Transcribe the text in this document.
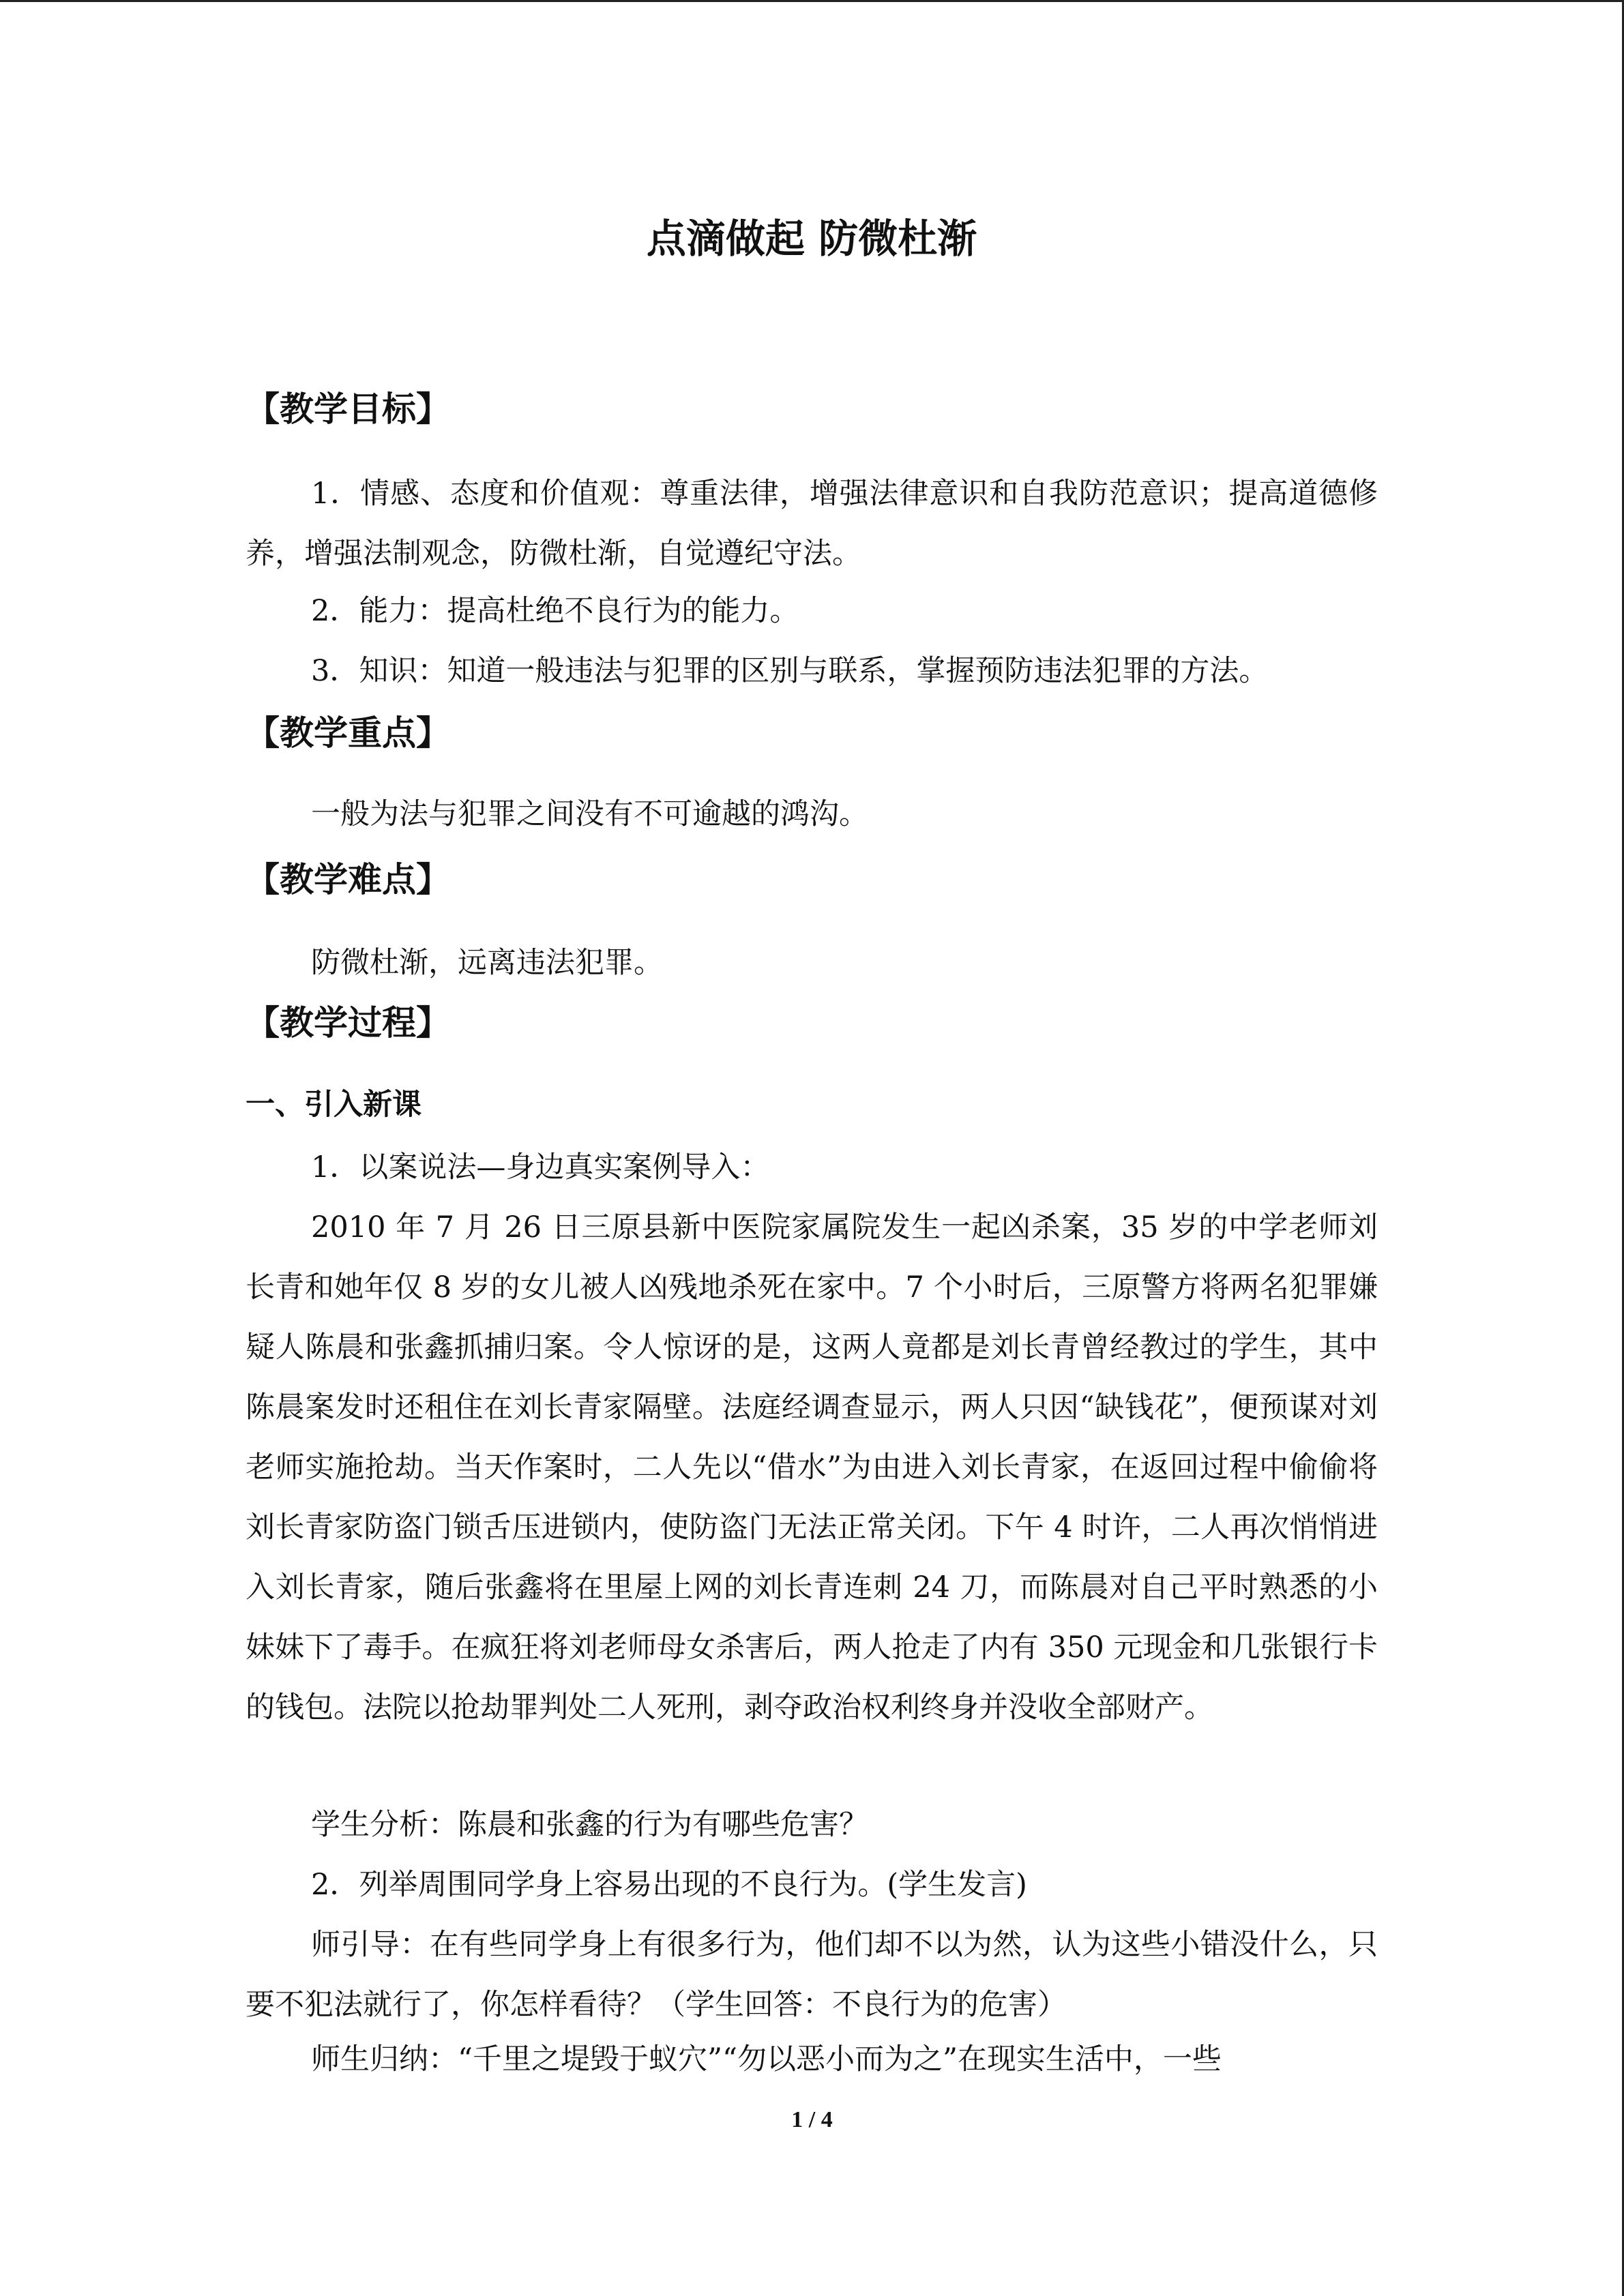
点滴做起 防微杜渐
【教学目标】

1．情感、态度和价值观：尊重法律，增强法律意识和自我防范意识；提高道德修养，增强法制观念，防微杜渐，自觉遵纪守法。

2．能力：提高杜绝不良行为的能力。

3．知识：知道一般违法与犯罪的区别与联系，掌握预防违法犯罪的方法。

【教学重点】

一般为法与犯罪之间没有不可逾越的鸿沟。

【教学难点】

防微杜渐，远离违法犯罪。

【教学过程】
一、引入新课

1．以案说法—身边真实案例导入：

2010 年 7 月 26 日三原县新中医院家属院发生一起凶杀案，35 岁的中学老师刘长青和她年仅 8 岁的女儿被人凶残地杀死在家中。7 个小时后，三原警方将两名犯罪嫌疑人陈晨和张鑫抓捕归案。令人惊讶的是，这两人竟都是刘长青曾经教过的学生，其中陈晨案发时还租住在刘长青家隔壁。法庭经调查显示，两人只因“缺钱花”，便预谋对刘老师实施抢劫。当天作案时，二人先以“借水”为由进入刘长青家，在返回过程中偷偷将刘长青家防盗门锁舌压进锁内，使防盗门无法正常关闭。下午 4 时许，二人再次悄悄进入刘长青家，随后张鑫将在里屋上网的刘长青连刺 24 刀，而陈晨对自己平时熟悉的小妹妹下了毒手。在疯狂将刘老师母女杀害后，两人抢走了内有 350 元现金和几张银行卡的钱包。法院以抢劫罪判处二人死刑，剥夺政治权利终身并没收全部财产。

学生分析：陈晨和张鑫的行为有哪些危害？

2．列举周围同学身上容易出现的不良行为。(学生发言)

师引导：在有些同学身上有很多行为，他们却不以为然，认为这些小错没什么，只要不犯法就行了，你怎样看待？（学生回答：不良行为的危害）

师生归纳：“千里之堤毁于蚁穴”“勿以恶小而为之”在现实生活中，一些

1 / 4
